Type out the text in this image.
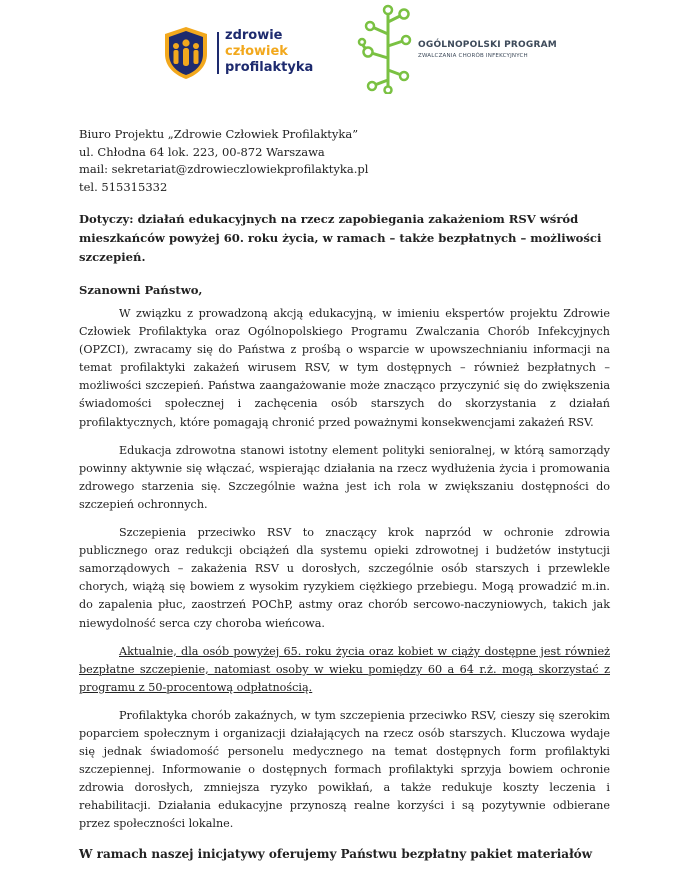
zdrowie
człowiek
profilaktyka
OGÓLNOPOLSKI PROGRAM
ZWALCZANIA CHORÓB INFEKCYJNYCH
Biuro Projektu „Zdrowie Człowiek Profilaktyka”
ul. Chłodna 64 lok. 223, 00-872 Warszawa
mail: sekretariat@zdrowieczlowiekprofilaktyka.pl
tel. 515315332
Dotyczy: działań edukacyjnych na rzecz zapobiegania zakażeniom RSV wśród mieszkańców powyżej 60. roku życia, w ramach – także bezpłatnych – możliwości szczepień.
Szanowni Państwo,

W związku z prowadzoną akcją edukacyjną, w imieniu ekspertów projektu Zdrowie Człowiek Profilaktyka oraz Ogólnopolskiego Programu Zwalczania Chorób Infekcyjnych (OPZCI), zwracamy się do Państwa z prośbą o wsparcie w upowszechnianiu informacji na temat profilaktyki zakażeń wirusem RSV, w tym dostępnych – również bezpłatnych – możliwości szczepień. Państwa zaangażowanie może znacząco przyczynić się do zwiększenia świadomości społecznej i zachęcenia osób starszych do skorzystania z działań profilaktycznych, które pomagają chronić przed poważnymi konsekwencjami zakażeń RSV.

Edukacja zdrowotna stanowi istotny element polityki senioralnej, w którą samorządy powinny aktywnie się włączać, wspierając działania na rzecz wydłużenia życia i promowania zdrowego starzenia się. Szczególnie ważna jest ich rola w zwiększaniu dostępności do szczepień ochronnych.

Szczepienia przeciwko RSV to znaczący krok naprzód w ochronie zdrowia publicznego oraz redukcji obciążeń dla systemu opieki zdrowotnej i budżetów instytucji samorządowych – zakażenia RSV u dorosłych, szczególnie osób starszych i przewlekle chorych, wiążą się bowiem z wysokim ryzykiem ciężkiego przebiegu. Mogą prowadzić m.in. do zapalenia płuc, zaostrzeń POChP, astmy oraz chorób sercowo-naczyniowych, takich jak niewydolność serca czy choroba wieńcowa.

Aktualnie, dla osób powyżej 65. roku życia oraz kobiet w ciąży dostępne jest również bezpłatne szczepienie, natomiast osoby w wieku pomiędzy 60 a 64 r.ż. mogą skorzystać z programu z 50-procentową odpłatnością.

Profilaktyka chorób zakaźnych, w tym szczepienia przeciwko RSV, cieszy się szerokim poparciem społecznym i organizacji działających na rzecz osób starszych. Kluczowa wydaje się jednak świadomość personelu medycznego na temat dostępnych form profilaktyki szczepiennej. Informowanie o dostępnych formach profilaktyki sprzyja bowiem ochronie zdrowia dorosłych, zmniejsza ryzyko powikłań, a także redukuje koszty leczenia i rehabilitacji. Działania edukacyjne przynoszą realne korzyści i są pozytywnie odbierane przez społeczności lokalne.

W ramach naszej inicjatywy oferujemy Państwu bezpłatny pakiet materiałów
